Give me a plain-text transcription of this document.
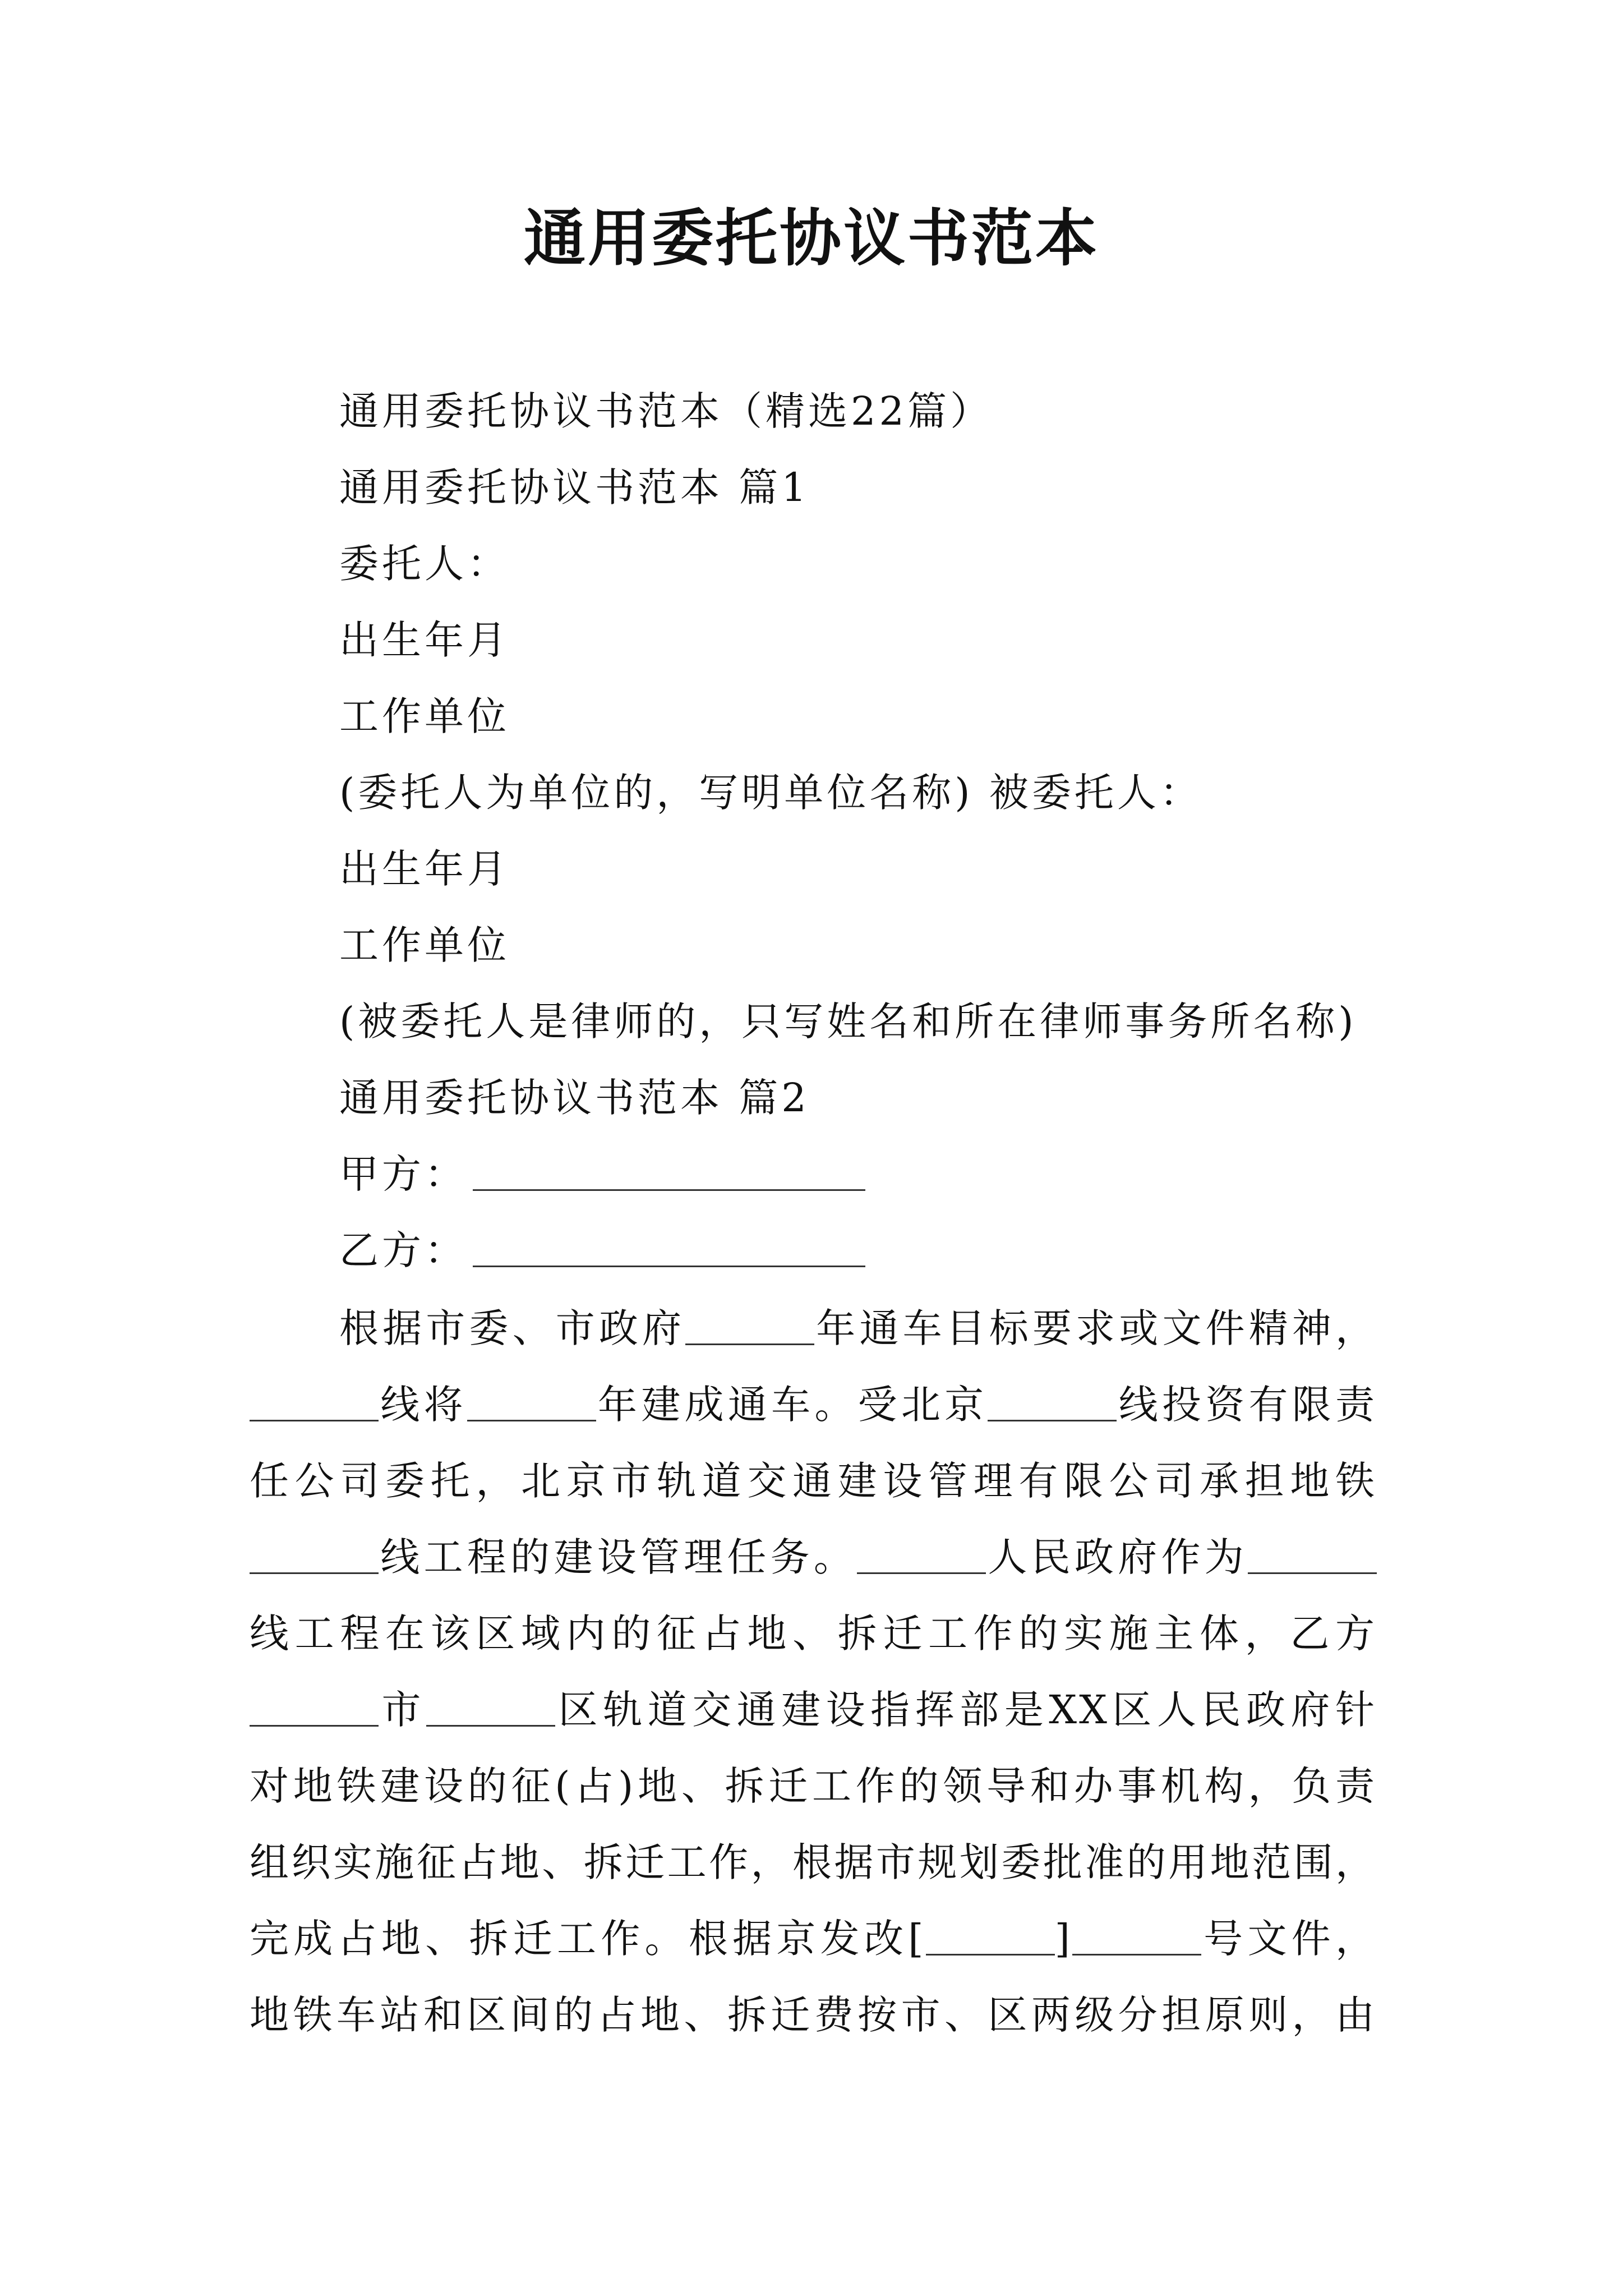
通用委托协议书范本
通用委托协议书范本（精选22篇）
通用委托协议书范本 篇1
委托人：
出生年月
工作单位
(委托人为单位的，写明单位名称) 被委托人：
出生年月
工作单位
(被委托人是律师的，只写姓名和所在律师事务所名称)
通用委托协议书范本 篇2
甲方：
乙方：
根据市委、市政府	年通车目标要求或文件精神，
线将	年建成通车。受北京	线投资有限责
任公司委托，北京市轨道交通建设管理有限公司承担地铁
线工程的建设管理任务。	人民政府作为
线工程在该区域内的征占地、拆迁工作的实施主体，乙方
市	区轨道交通建设指挥部是XX区人民政府针
对地铁建设的征(占)地、拆迁工作的领导和办事机构，负责
组织实施征占地、拆迁工作，根据市规划委批准的用地范围，
完成占地、拆迁工作。根据京发改[	]	号文件，
地铁车站和区间的占地、拆迁费按市、区两级分担原则，由
